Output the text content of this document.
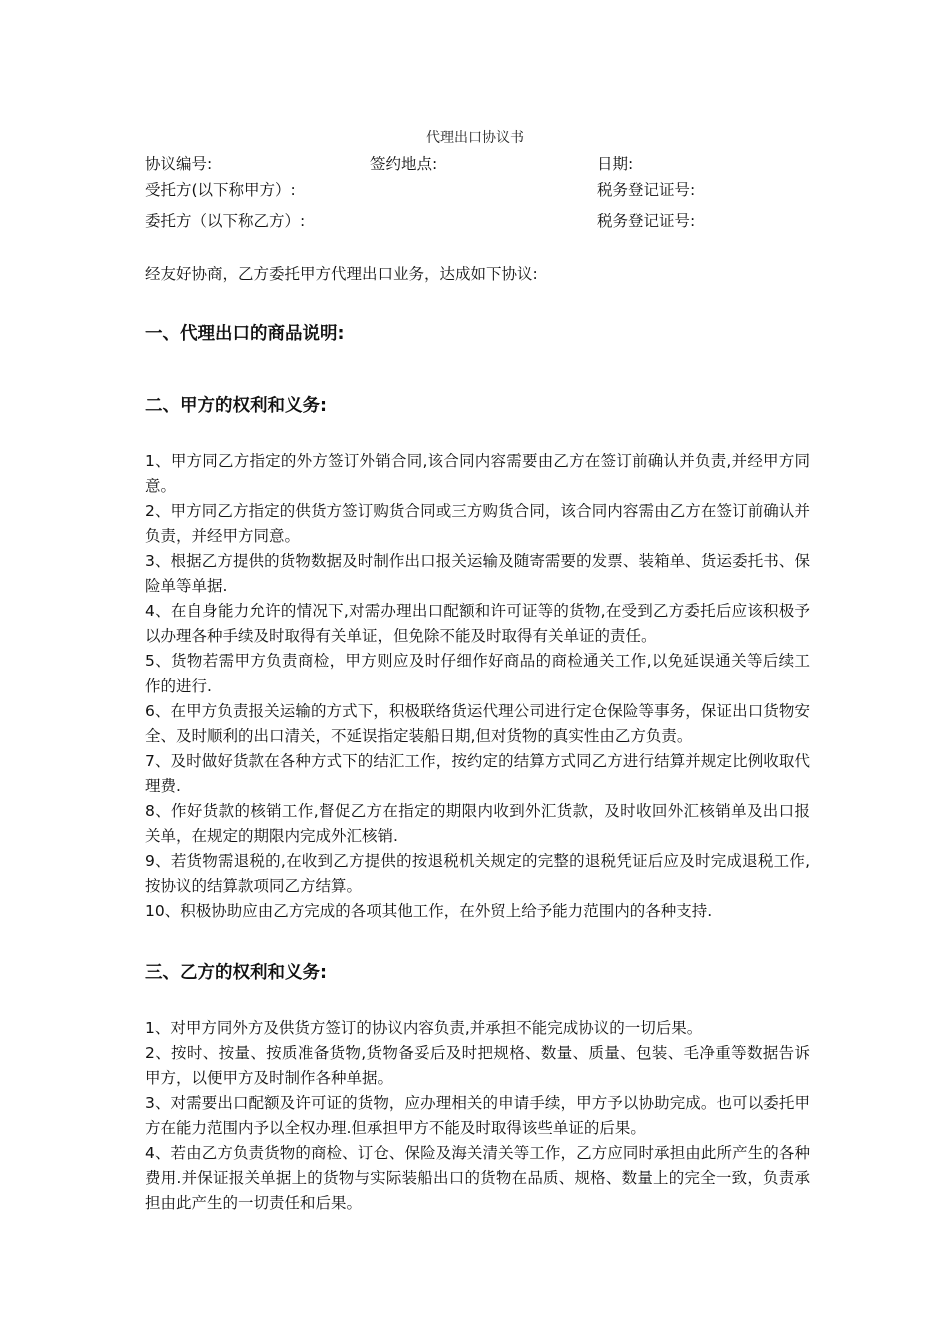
代理出口协议书
协议编号:	签约地点:	日期:
受托方(以下称甲方）:	税务登记证号:
委托方（以下称乙方）:	税务登记证号:
经友好协商，乙方委托甲方代理出口业务，达成如下协议:
一、代理出口的商品说明:
二、甲方的权利和义务:

1、甲方同乙方指定的外方签订外销合同,该合同内容需要由乙方在签订前确认并负责,并经甲方同意。

2、甲方同乙方指定的供货方签订购货合同或三方购货合同，该合同内容需由乙方在签订前确认并负责，并经甲方同意。

3、根据乙方提供的货物数据及时制作出口报关运输及随寄需要的发票、装箱单、货运委托书、保险单等单据.

4、在自身能力允许的情况下,对需办理出口配额和许可证等的货物,在受到乙方委托后应该积极予以办理各种手续及时取得有关单证，但免除不能及时取得有关单证的责任。

5、货物若需甲方负责商检，甲方则应及时仔细作好商品的商检通关工作,以免延误通关等后续工作的进行.

6、在甲方负责报关运输的方式下，积极联络货运代理公司进行定仓保险等事务，保证出口货物安全、及时顺利的出口清关，不延误指定装船日期,但对货物的真实性由乙方负责。

7、及时做好货款在各种方式下的结汇工作，按约定的结算方式同乙方进行结算并规定比例收取代理费.

8、作好货款的核销工作,督促乙方在指定的期限内收到外汇货款，及时收回外汇核销单及出口报关单，在规定的期限内完成外汇核销.

9、若货物需退税的,在收到乙方提供的按退税机关规定的完整的退税凭证后应及时完成退税工作,按协议的结算款项同乙方结算。

10、积极协助应由乙方完成的各项其他工作，在外贸上给予能力范围内的各种支持.

三、乙方的权利和义务:

1、对甲方同外方及供货方签订的协议内容负责,并承担不能完成协议的一切后果。

2、按时、按量、按质准备货物,货物备妥后及时把规格、数量、质量、包装、毛净重等数据告诉甲方，以便甲方及时制作各种单据。

3、对需要出口配额及许可证的货物，应办理相关的申请手续，甲方予以协助完成。也可以委托甲方在能力范围内予以全权办理.但承担甲方不能及时取得该些单证的后果。

4、若由乙方负责货物的商检、订仓、保险及海关清关等工作，乙方应同时承担由此所产生的各种费用.并保证报关单据上的货物与实际装船出口的货物在品质、规格、数量上的完全一致，负责承担由此产生的一切责任和后果。
